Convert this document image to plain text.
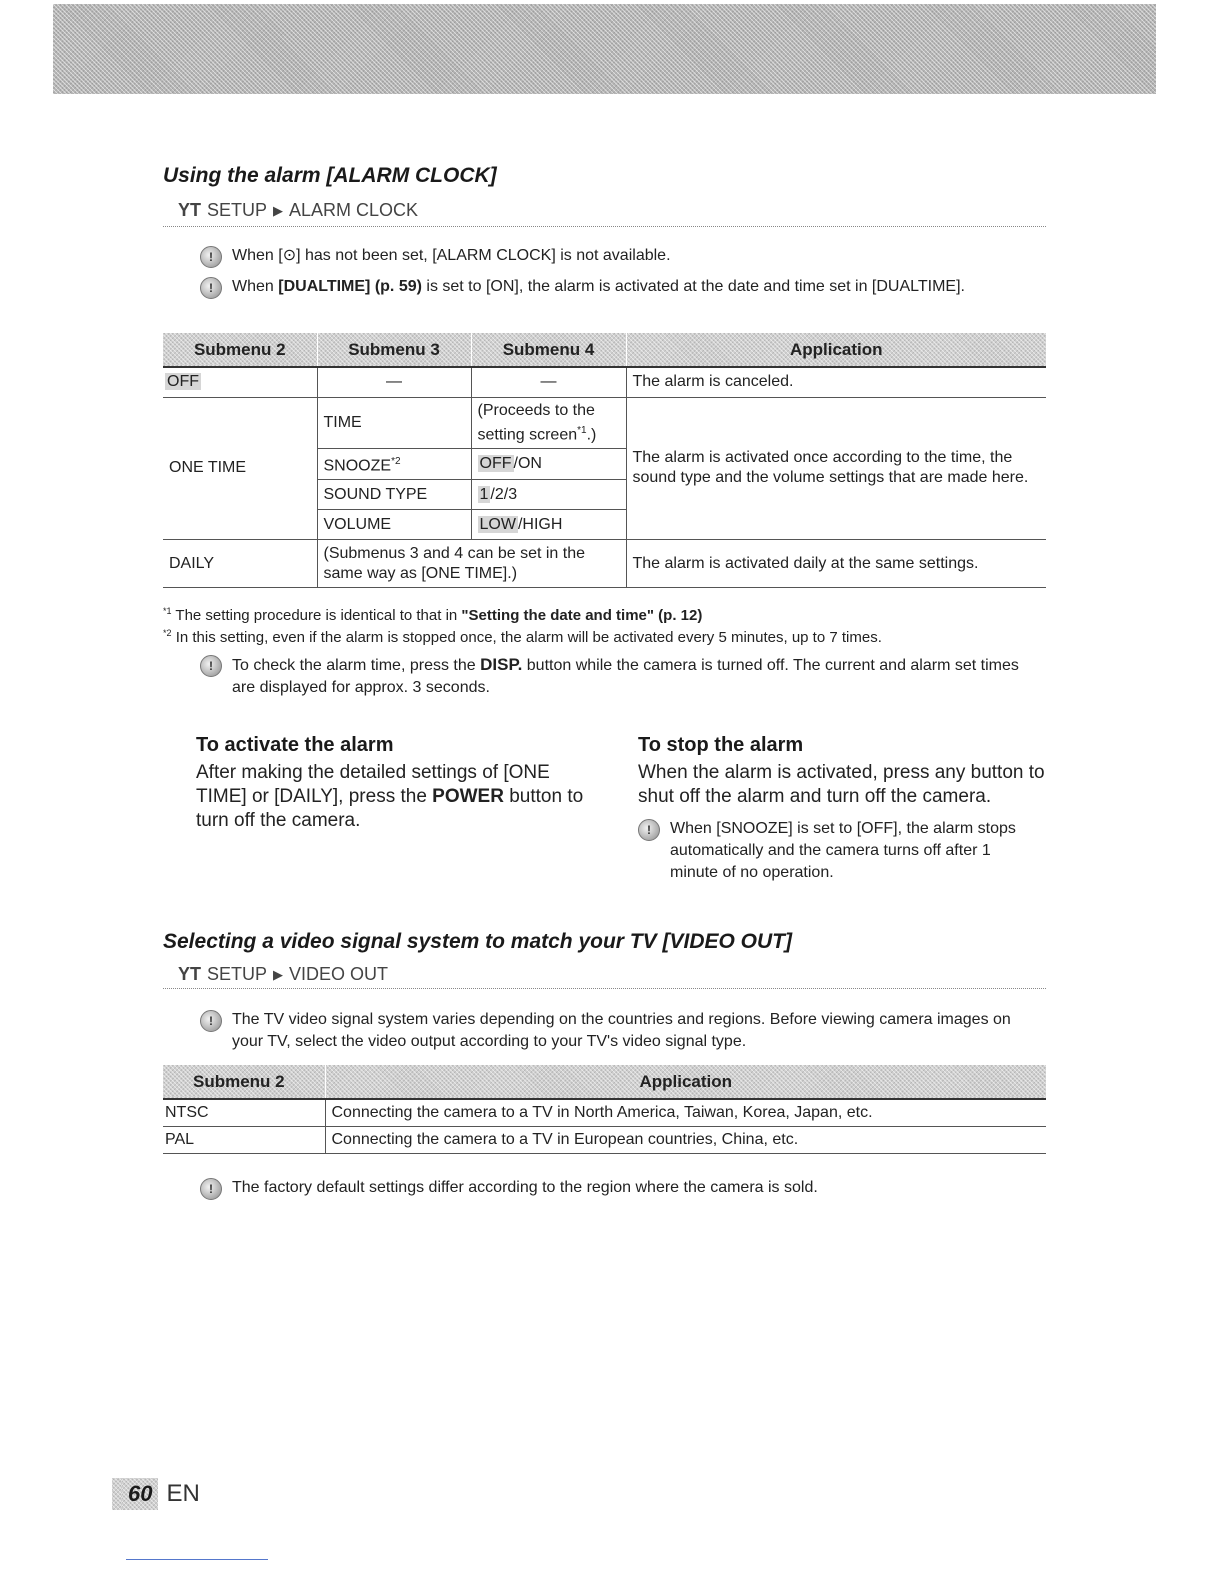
Using the alarm [ALARM CLOCK]
YT SETUP ▶ ALARM CLOCK
!	When [⊙] has not been set, [ALARM CLOCK] is not available.
!	When [DUALTIME] (p. 59) is set to [ON], the alarm is activated at the date and time set in [DUALTIME].
Submenu 2	Submenu 3	Submenu 4	Application
OFF	—	—	The alarm is canceled.
ONE TIME	TIME	(Proceeds to the setting screen$^{*1}$.)	The alarm is activated once according to the time, the sound type and the volume settings that are made here.
	SNOOZE$^{*2}$	OFF /ON	
	SOUND TYPE	1 /2/3	
	VOLUME	LOW /HIGH	
DAILY	(Submenus 3 and 4 can be set in the same way as [ONE TIME].)		The alarm is activated daily at the same settings.
$^{*1}$ The setting procedure is identical to that in "Setting the date and time" (p. 12)
$^{*2}$ In this setting, even if the alarm is stopped once, the alarm will be activated every 5 minutes, up to 7 times.
!	To check the alarm time, press the DISP. button while the camera is turned off. The current and alarm set times are displayed for approx. 3 seconds.
To activate the alarm
After making the detailed settings of [ONE TIME] or [DAILY], press the POWER button to turn off the camera.
To stop the alarm
When the alarm is activated, press any button to shut off the alarm and turn off the camera.
!	When [SNOOZE] is set to [OFF], the alarm stops automatically and the camera turns off after 1 minute of no operation.
Selecting a video signal system to match your TV [VIDEO OUT]
YT SETUP ▶ VIDEO OUT
!	The TV video signal system varies depending on the countries and regions. Before viewing camera images on your TV, select the video output according to your TV's video signal type.
Submenu 2	Application
NTSC	Connecting the camera to a TV in North America, Taiwan, Korea, Japan, etc.
PAL	Connecting the camera to a TV in European countries, China, etc.
!	The factory default settings differ according to the region where the camera is sold.
60 EN
